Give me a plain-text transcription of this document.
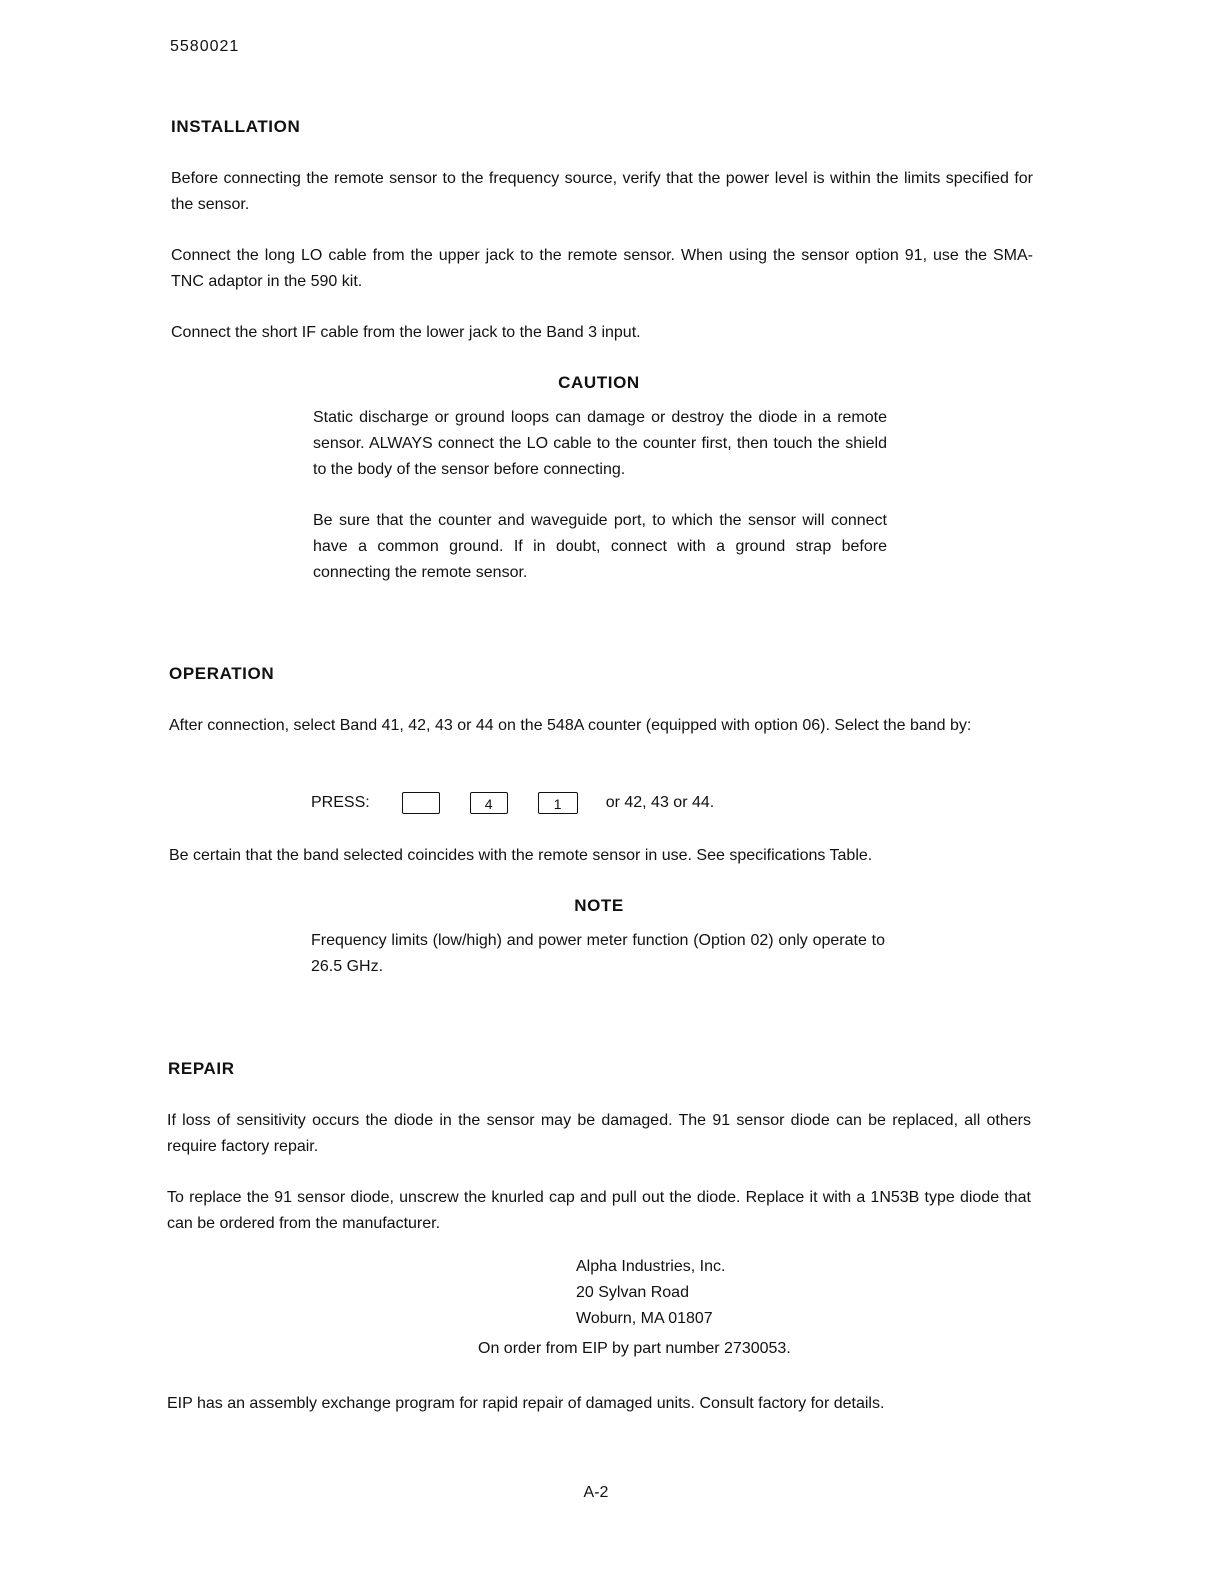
5580021
INSTALLATION
Before connecting the remote sensor to the frequency source, verify that the power level is within the limits specified for the sensor.
Connect the long LO cable from the upper jack to the remote sensor. When using the sensor option 91, use the SMA-TNC adaptor in the 590 kit.
Connect the short IF cable from the lower jack to the Band 3 input.
CAUTION
Static discharge or ground loops can damage or destroy the diode in a remote sensor. ALWAYS connect the LO cable to the counter first, then touch the shield to the body of the sensor before connecting.
Be sure that the counter and waveguide port, to which the sensor will connect have a common ground. If in doubt, connect with a ground strap before connecting the remote sensor.
OPERATION
After connection, select Band 41, 42, 43 or 44 on the 548A counter (equipped with option 06). Select the band by:
PRESS:	4	1	or 42, 43 or 44.
Be certain that the band selected coincides with the remote sensor in use. See specifications Table.
NOTE
Frequency limits (low/high) and power meter function (Option 02) only operate to 26.5 GHz.
REPAIR
If loss of sensitivity occurs the diode in the sensor may be damaged. The 91 sensor diode can be replaced, all others require factory repair.
To replace the 91 sensor diode, unscrew the knurled cap and pull out the diode. Replace it with a 1N53B type diode that can be ordered from the manufacturer.
Alpha Industries, Inc.
20 Sylvan Road
Woburn, MA 01807
On order from EIP by part number 2730053.
EIP has an assembly exchange program for rapid repair of damaged units. Consult factory for details.
A-2
